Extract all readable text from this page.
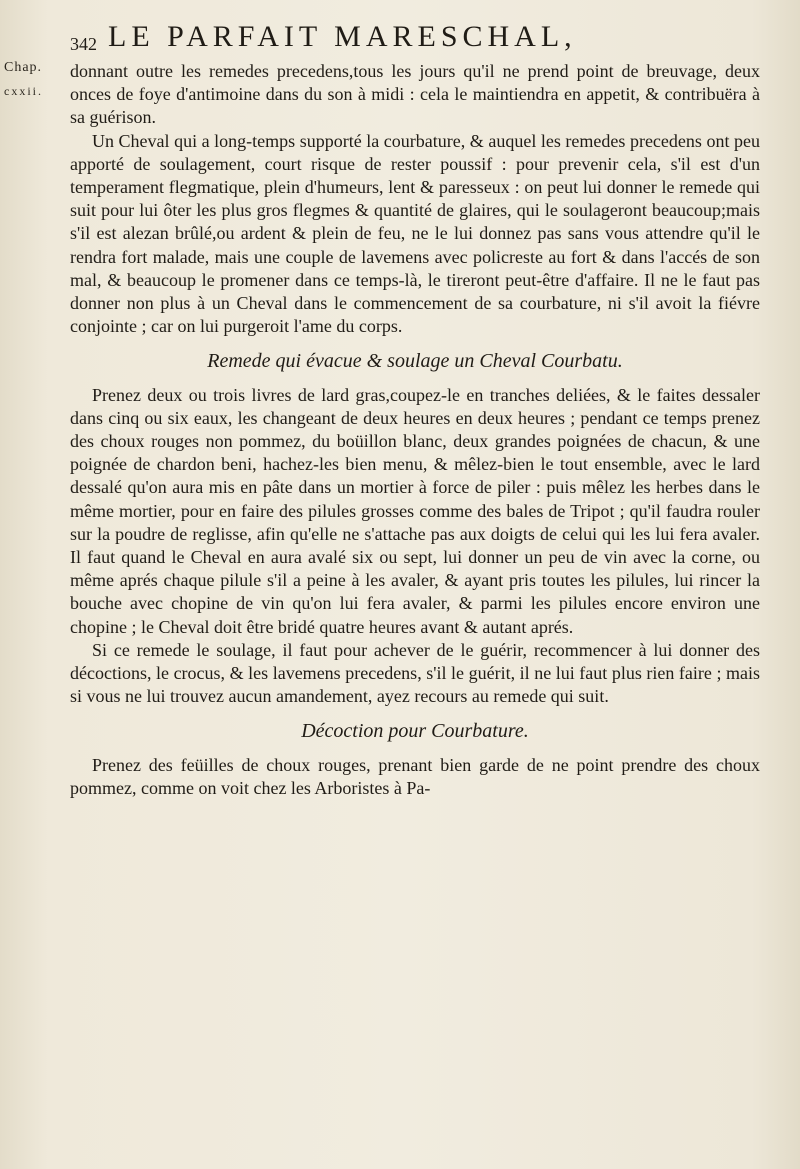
Chap.
cxxii.
342 LE PARFAIT MARESCHAL,

donnant outre les remedes precedens,tous les jours qu'il ne prend point de breuvage, deux onces de foye d'antimoine dans du son à midi : cela le maintiendra en appetit, & contribuëra à sa guérison.

Un Cheval qui a long-temps supporté la courbature, & auquel les remedes precedens ont peu apporté de soulagement, court risque de rester poussif : pour prevenir cela, s'il est d'un temperament flegmatique, plein d'humeurs, lent & paresseux : on peut lui donner le remede qui suit pour lui ôter les plus gros flegmes & quantité de glaires, qui le soulageront beaucoup;mais s'il est alezan brûlé,ou ardent & plein de feu, ne le lui donnez pas sans vous attendre qu'il le rendra fort malade, mais une couple de lavemens avec policreste au fort & dans l'accés de son mal, & beaucoup le promener dans ce temps-là, le tireront peut-être d'affaire. Il ne le faut pas donner non plus à un Cheval dans le commencement de sa courbature, ni s'il avoit la fiévre conjointe ; car on lui purgeroit l'ame du corps.

Remede qui évacue & soulage un Cheval Courbatu.

Prenez deux ou trois livres de lard gras,coupez-le en tranches deliées, & le faites dessaler dans cinq ou six eaux, les changeant de deux heures en deux heures ; pendant ce temps prenez des choux rouges non pommez, du boüillon blanc, deux grandes poignées de chacun, & une poignée de chardon beni, hachez-les bien menu, & mêlez-bien le tout ensemble, avec le lard dessalé qu'on aura mis en pâte dans un mortier à force de piler : puis mêlez les herbes dans le même mortier, pour en faire des pilules grosses comme des bales de Tripot ; qu'il faudra rouler sur la poudre de reglisse, afin qu'elle ne s'attache pas aux doigts de celui qui les lui fera avaler. Il faut quand le Cheval en aura avalé six ou sept, lui donner un peu de vin avec la corne, ou même aprés chaque pilule s'il a peine à les avaler, & ayant pris toutes les pilules, lui rincer la bouche avec chopine de vin qu'on lui fera avaler, & parmi les pilules encore environ une chopine ; le Cheval doit être bridé quatre heures avant & autant aprés.

Si ce remede le soulage, il faut pour achever de le guérir, recommencer à lui donner des décoctions, le crocus, & les lavemens precedens, s'il le guérit, il ne lui faut plus rien faire ; mais si vous ne lui trouvez aucun amandement, ayez recours au remede qui suit.

Décoction pour Courbature.

Prenez des feüilles de choux rouges, prenant bien garde de ne point prendre des choux pommez, comme on voit chez les Arboristes à Pa-
